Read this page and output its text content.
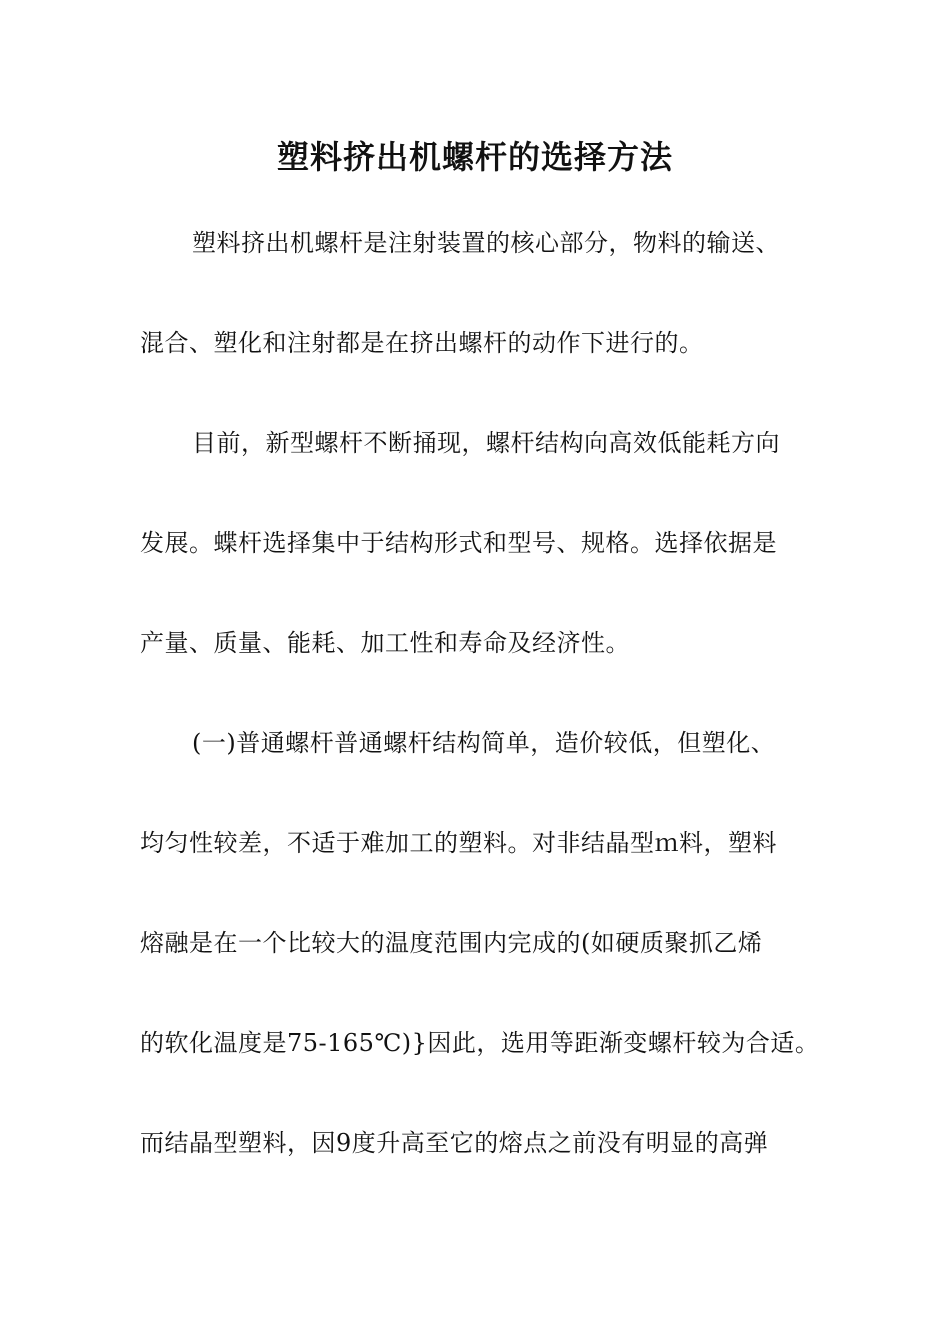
塑料挤出机螺杆的选择方法
塑料挤出机螺杆是注射装置的核心部分，物料的输送、
混合、塑化和注射都是在挤出螺杆的动作下进行的。
目前，新型螺杆不断捅现，螺杆结构向高效低能耗方向
发展。蝶杆选择集中于结构形式和型号、规格。选择依据是
产量、质量、能耗、加工性和寿命及经济性。
(一)普通螺杆普通螺杆结构简单，造价较低，但塑化、
均匀性较差，不适于难加工的塑料。对非结晶型ｍ料，塑料
熔融是在一个比较大的温度范围内完成的(如硬质聚抓乙烯
的软化温度是75-165℃)}因此，选用等距渐变螺杆较为合适。
而结晶型塑料，因9度升高至它的熔点之前没有明显的高弹
